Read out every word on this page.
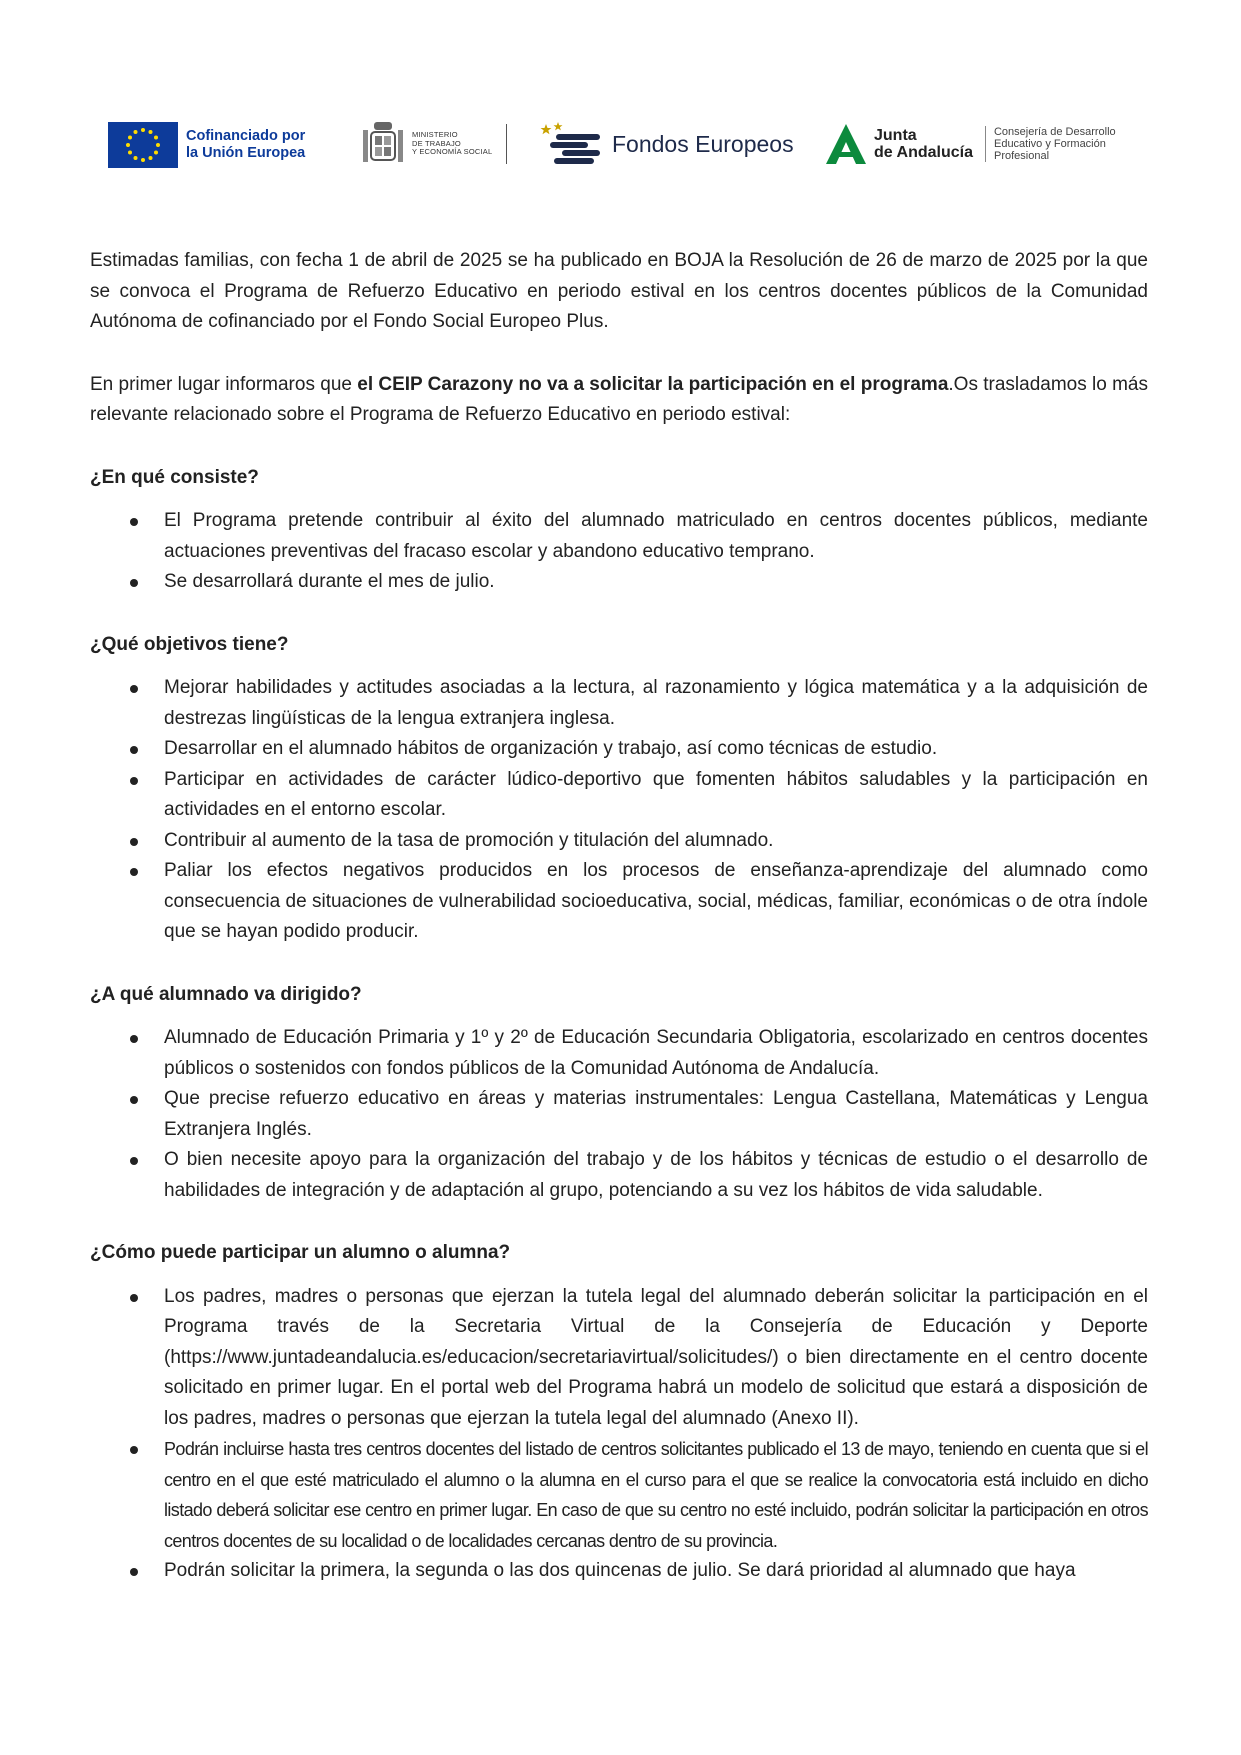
Cofinanciado por
la Unión Europea
MINISTERIO
DE TRABAJO
Y ECONOMÍA SOCIAL	Fondos Europeos	Junta
de Andalucía
Consejería de Desarrollo
Educativo y Formación
Profesional

Estimadas familias, con fecha 1 de abril de 2025 se ha publicado en BOJA la Resolución de 26 de marzo de 2025 por la que se convoca el Programa de Refuerzo Educativo en periodo estival en los centros docentes públicos de la Comunidad Autónoma de cofinanciado por el Fondo Social Europeo Plus.

En primer lugar informaros que el CEIP Carazony no va a solicitar la participación en el programa.Os trasladamos lo más relevante relacionado sobre el Programa de Refuerzo Educativo en periodo estival:

¿En qué consiste?
El Programa pretende contribuir al éxito del alumnado matriculado en centros docentes públicos, mediante actuaciones preventivas del fracaso escolar y abandono educativo temprano.
Se desarrollará durante el mes de julio.
¿Qué objetivos tiene?
Mejorar habilidades y actitudes asociadas a la lectura, al razonamiento y lógica matemática y a la adquisición de destrezas lingüísticas de la lengua extranjera inglesa.
Desarrollar en el alumnado hábitos de organización y trabajo, así como técnicas de estudio.
Participar en actividades de carácter lúdico-deportivo que fomenten hábitos saludables y la participación en actividades en el entorno escolar.
Contribuir al aumento de la tasa de promoción y titulación del alumnado.
Paliar los efectos negativos producidos en los procesos de enseñanza-aprendizaje del alumnado como consecuencia de situaciones de vulnerabilidad socioeducativa, social, médicas, familiar, económicas o de otra índole que se hayan podido producir.
¿A qué alumnado va dirigido?
Alumnado de Educación Primaria y 1º y 2º de Educación Secundaria Obligatoria, escolarizado en centros docentes públicos o sostenidos con fondos públicos de la Comunidad Autónoma de Andalucía.
Que precise refuerzo educativo en áreas y materias instrumentales: Lengua Castellana, Matemáticas y Lengua Extranjera Inglés.
O bien necesite apoyo para la organización del trabajo y de los hábitos y técnicas de estudio o el desarrollo de habilidades de integración y de adaptación al grupo, potenciando a su vez los hábitos de vida saludable.
¿Cómo puede participar un alumno o alumna?
Los padres, madres o personas que ejerzan la tutela legal del alumnado deberán solicitar la participación en el Programa través de la Secretaria Virtual de la Consejería de Educación y Deporte (https://www.juntadeandalucia.es/educacion/secretariavirtual/solicitudes/) o bien directamente en el centro docente solicitado en primer lugar. En el portal web del Programa habrá un modelo de solicitud que estará a disposición de los padres, madres o personas que ejerzan la tutela legal del alumnado (Anexo II).
Podrán incluirse hasta tres centros docentes del listado de centros solicitantes publicado el 13 de mayo, teniendo en cuenta que si el centro en el que esté matriculado el alumno o la alumna en el curso para el que se realice la convocatoria está incluido en dicho listado deberá solicitar ese centro en primer lugar. En caso de que su centro no esté incluido, podrán solicitar la participación en otros centros docentes de su localidad o de localidades cercanas dentro de su provincia.
Podrán solicitar la primera, la segunda o las dos quincenas de julio. Se dará prioridad al alumnado que haya
